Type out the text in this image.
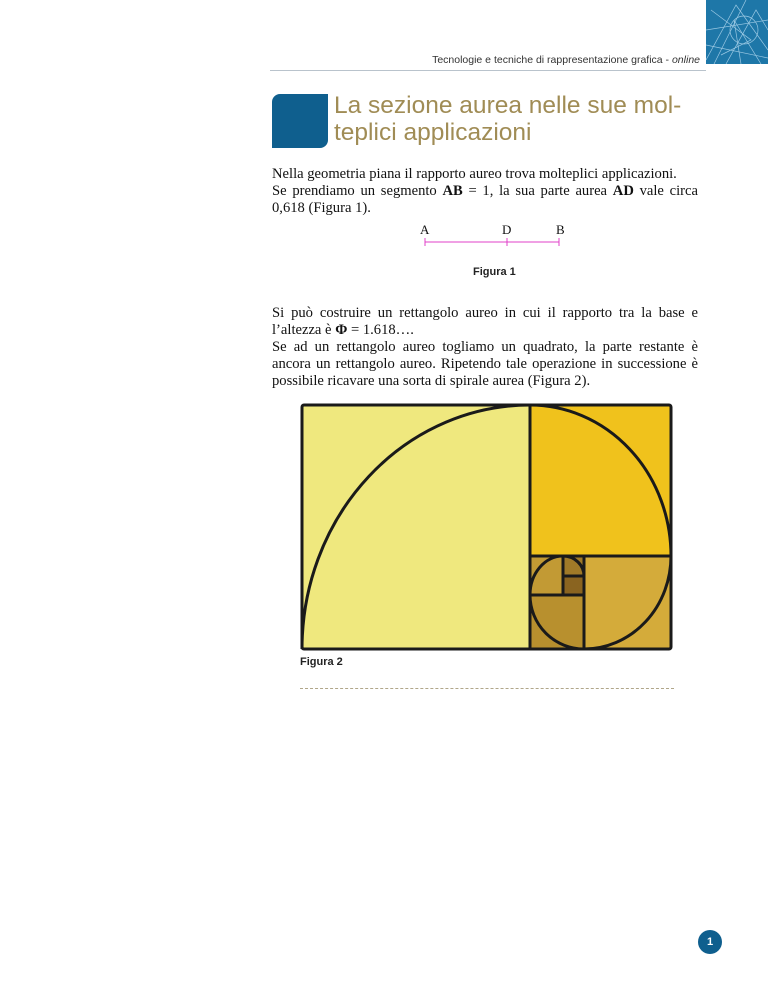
Tecnologie e tecniche di rappresentazione grafica - online
La sezione aurea nelle sue mol-
teplici applicazioni

Nella geometria piana il rapporto aureo trova molteplici applicazioni.
Se prendiamo un segmento AB = 1, la sua parte aurea AD vale circa 0,618 (Figura 1).

A	D	B
Figura 1

Si può costruire un rettangolo aureo in cui il rapporto tra la base e l’altezza è Φ = 1.618….
Se ad un rettangolo aureo togliamo un quadrato, la parte restante è ancora un rettangolo aureo. Ripetendo tale operazione in successione è possibile ricavare una sorta di spirale aurea (Figura 2).

Figura 2
1
